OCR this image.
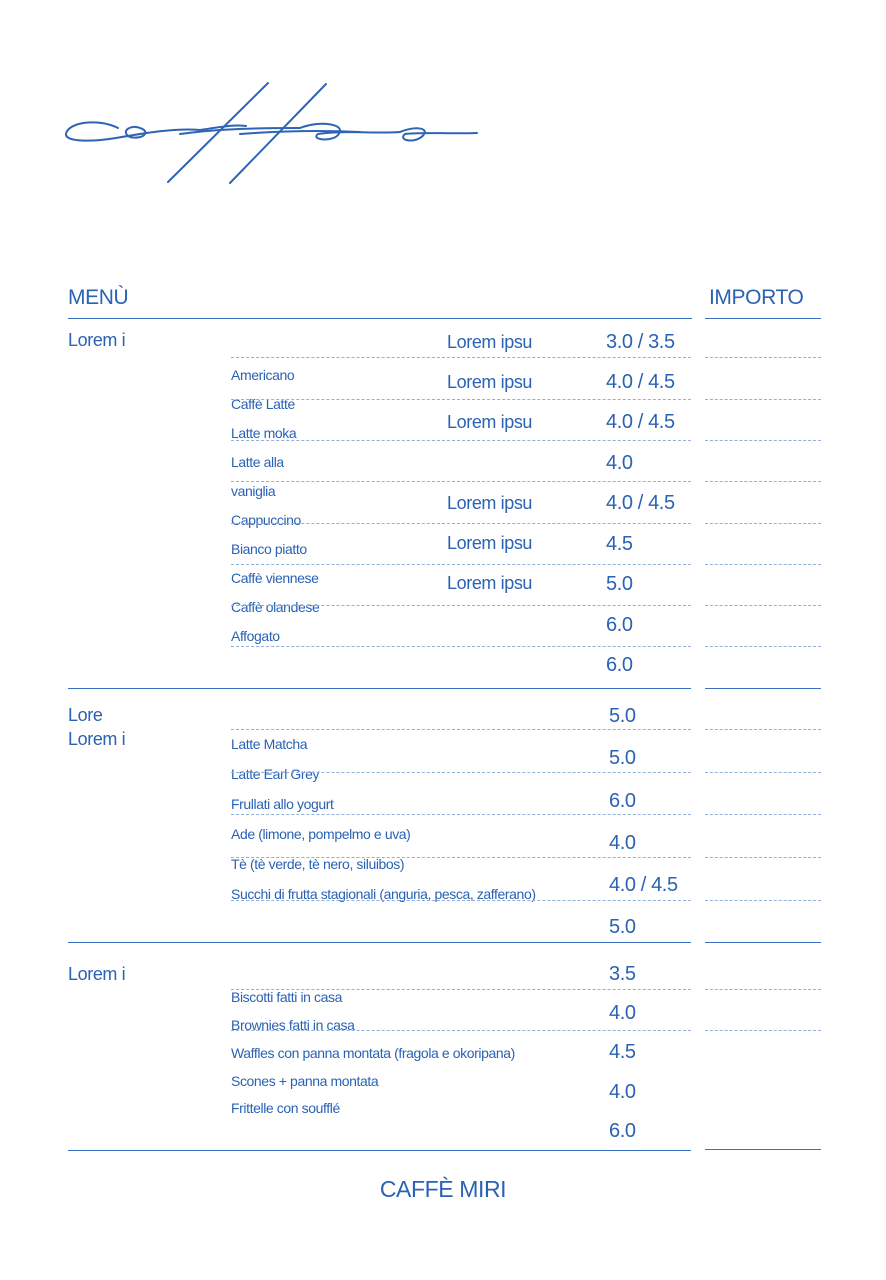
MENÙ	IMPORTO
Lorem i
Americano
Caffè Latte
Latte moka
Latte alla
vaniglia
Cappuccino
Bianco piatto
Caffè viennese
Caffè olandese
Affogato
Lorem ipsu
Lorem ipsu
Lorem ipsu
Lorem ipsu
Lorem ipsu
Lorem ipsu
3.0 / 3.5
4.0 / 4.5
4.0 / 4.5
4.0
4.0 / 4.5
4.5
5.0
6.0
6.0
Lore
Lorem i	Latte Matcha
Latte Earl Grey
Frullati allo yogurt
Ade (limone, pompelmo e uva)
Tè (tè verde, tè nero, siluibos)
Succhi di frutta stagionali (anguria, pesca, zafferano)
5.0
5.0
6.0
4.0
4.0 / 4.5
5.0
Lorem i
Biscotti fatti in casa
Brownies fatti in casa
Waffles con panna montata (fragola e okoripana)
Scones + panna montata
Frittelle con soufflé
3.5
4.0
4.5
4.0
6.0
CAFFÈ MIRI
